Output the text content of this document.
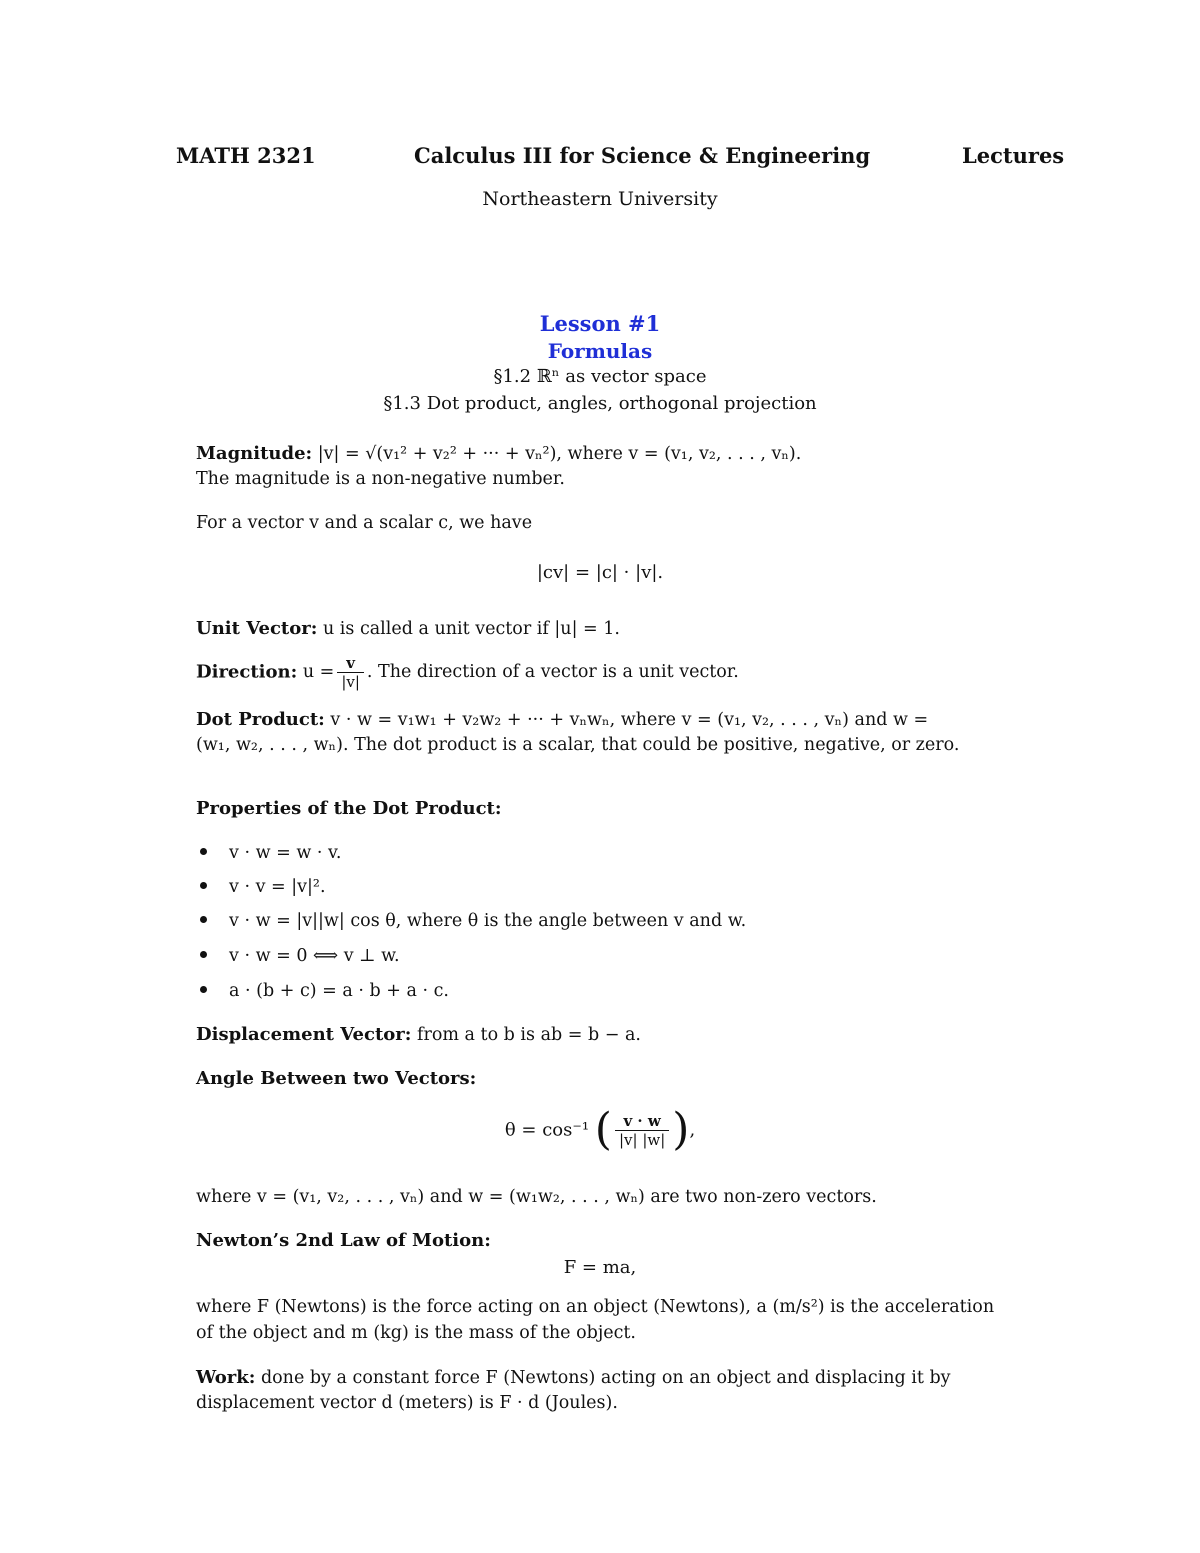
MATH 2321	Calculus III for Science & Engineering	Lectures
Northeastern University
Lesson #1
Formulas
§1.2 ℝⁿ as vector space
§1.3 Dot product, angles, orthogonal projection
Magnitude: |v| = √(v₁² + v₂² + ··· + vₙ²), where v = (v₁, v₂, . . . , vₙ).
The magnitude is a non-negative number.
For a vector v and a scalar c, we have
|cv| = |c| · |v|.
Unit Vector: u is called a unit vector if |u| = 1.
Direction: $u = \frac{v}{|v|}$ . The direction of a vector is a unit vector.
Dot Product: v · w = v₁w₁ + v₂w₂ + ··· + vₙwₙ, where v = (v₁, v₂, . . . , vₙ) and w =
(w₁, w₂, . . . , wₙ). The dot product is a scalar, that could be positive, negative, or zero.
Properties of the Dot Product:
v · w = w · v.
v · v = |v|².
v · w = |v||w| cos θ, where θ is the angle between v and w.
v · w = 0 ⟺ v ⊥ w.
a · (b + c) = a · b + a · c.
Displacement Vector: from a to b is ab = b − a.
Angle Between two Vectors:
θ = cos⁻¹ ( $\frac{v \cdot w}{|v| |w|}$ ),
where v = (v₁, v₂, . . . , vₙ) and w = (w₁w₂, . . . , wₙ) are two non-zero vectors.
Newton’s 2nd Law of Motion:
F = ma,
where F (Newtons) is the force acting on an object (Newtons), a (m/s²) is the acceleration
of the object and m (kg) is the mass of the object.
Work: done by a constant force F (Newtons) acting on an object and displacing it by
displacement vector d (meters) is F · d (Joules).
